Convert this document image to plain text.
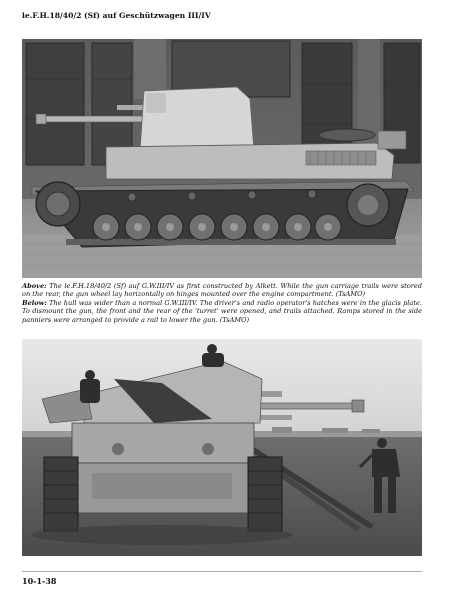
le.F.H.18/40/2 (Sf) auf Geschützwagen III/IV

Above: The le.F.H.18/40/2 (Sf) auf G.W.III/IV as first constructed by Alkett. While the gun carriage trails were stored on the rear, the gun wheel lay horizontally on hinges mounted over the engine compartment. (TsAMO)

Below: The hull was wider than a normal G.W.III/IV. The driver's and radio operator's hatches were in the glacis plate. To dismount the gun, the front and the rear of the 'turret' were opened, and trails attached. Ramps stored in the side panniers were arranged to provide a rail to lower the gun. (TsAMO)

10-1-38
